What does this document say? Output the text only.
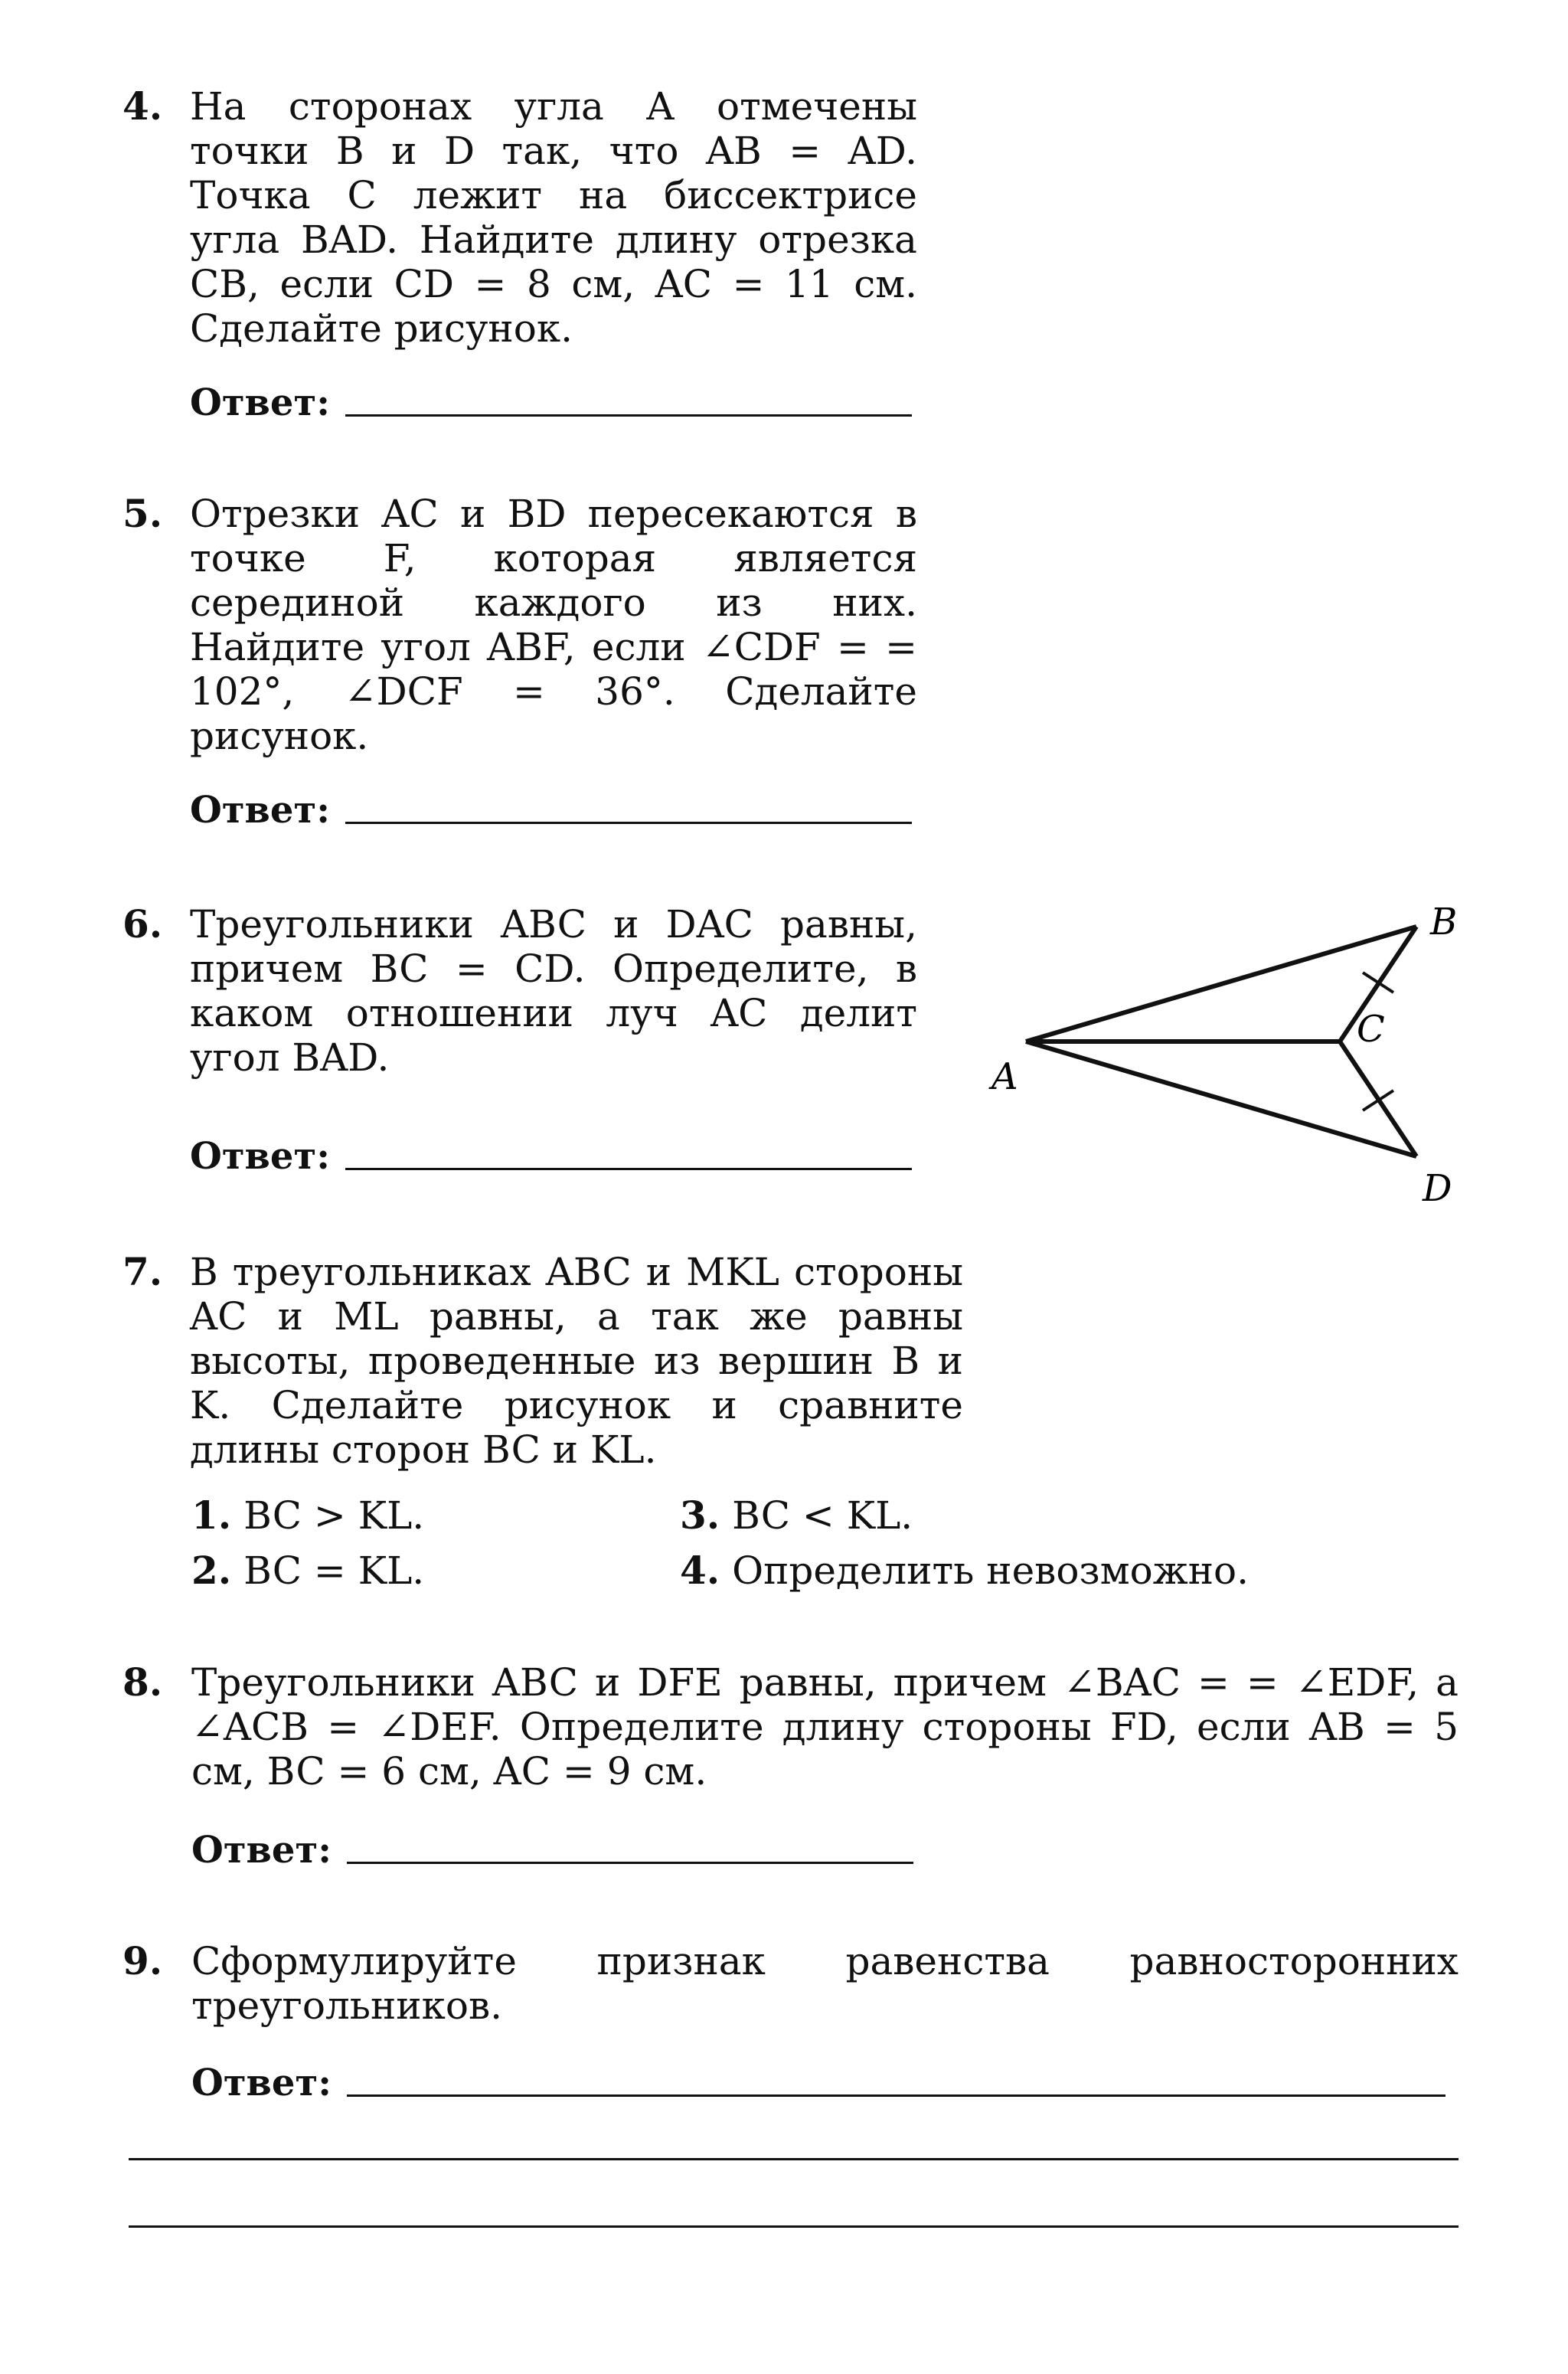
4. На сторонах угла A отмечены точки B и D так, что AB = AD. Точка C лежит на биссектрисе угла BAD. Найдите длину отрезка CB, если CD = 8 см, AC = 11 см. Сделайте рисунок.
Ответ:
5. Отрезки AC и BD пересекаются в точке F, которая является серединой каждого из них. Найдите угол ABF, если ∠CDF = = 102°, ∠DCF = 36°. Сделайте рисунок.
Ответ:
6. Треугольники ABC и DAC равны, причем BC = CD. Определите, в каком отношении луч AC делит угол BAD.
Ответ:
A
B
C
D
7. В треугольниках ABC и MKL стороны AC и ML равны, а так же равны высоты, проведенные из вершин B и K. Сделайте рисунок и сравните длины сторон BC и KL.
1. BC > KL.
2. BC = KL.
3. BC < KL.
4. Определить невозможно.
8. Треугольники ABC и DFE равны, причем ∠BAC = = ∠EDF, а ∠ACB = ∠DEF. Определите длину стороны FD, если AB = 5 см, BC = 6 см, AC = 9 см.
Ответ:
9. Сформулируйте признак равенства равносторонних треугольников.
Ответ:
